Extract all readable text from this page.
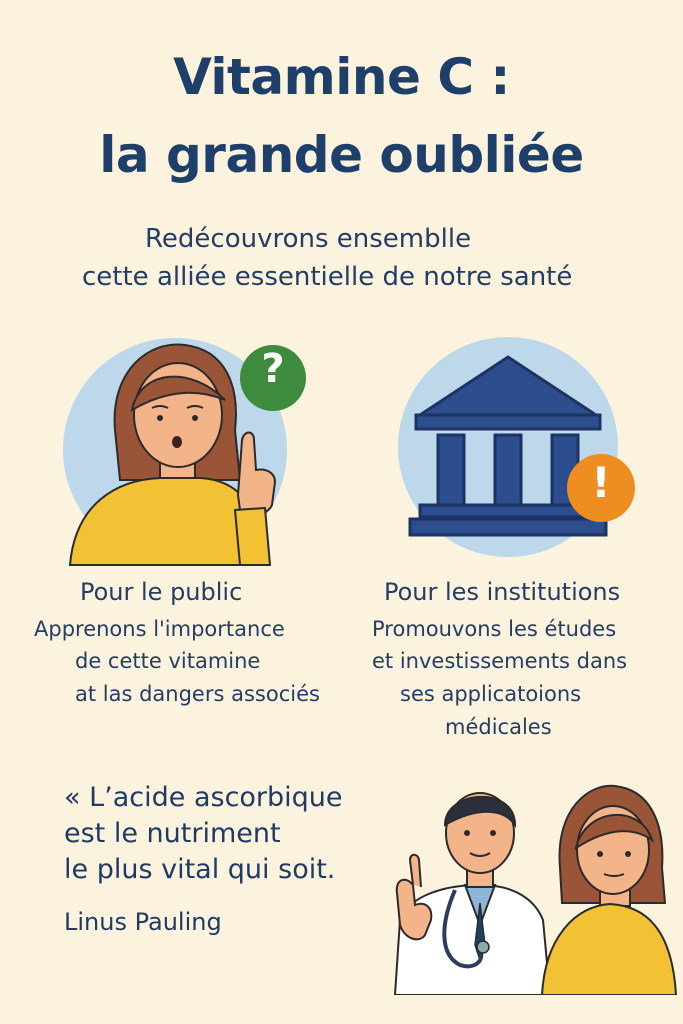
Vitamine C :
la grande oubliée
Redécouvrons ensemblle
cette alliée essentielle de notre santé
?
!
Pour le public
Apprenons l'importance
de cette vitamine
at las dangers associés
Pour les institutions
Promouvons les études
et investissements dans
ses applicatoions
médicales
« L’acide ascorbique
est le nutriment
le plus vital qui soit.
Linus Pauling
